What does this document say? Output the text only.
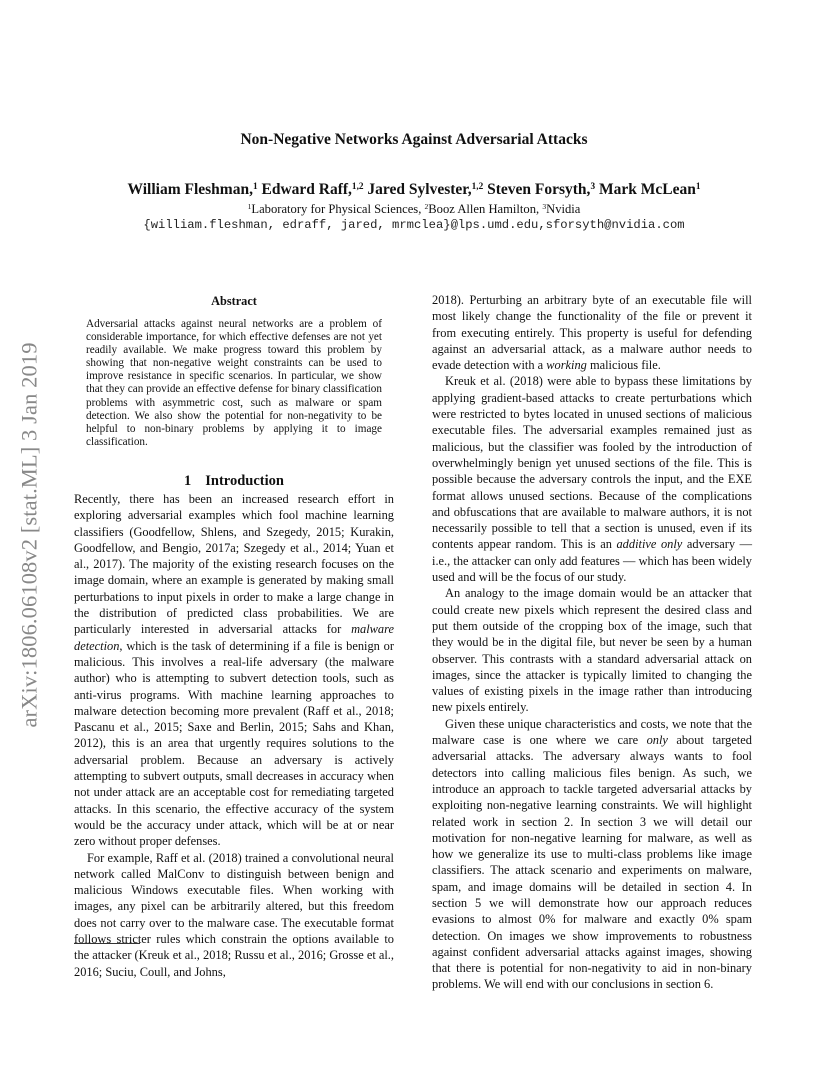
arXiv:1806.06108v2 [stat.ML] 3 Jan 2019
Non-Negative Networks Against Adversarial Attacks
William Fleshman,$^1$ Edward Raff,$^{1,2}$ Jared Sylvester,$^{1,2}$ Steven Forsyth,$^3$ Mark McLean$^1$
$^1$Laboratory for Physical Sciences, $^2$Booz Allen Hamilton, $^3$Nvidia
{william.fleshman, edraff, jared, mrmclea}@lps.umd.edu,sforsyth@nvidia.com
Abstract
Adversarial attacks against neural networks are a problem of considerable importance, for which effective defenses are not yet readily available. We make progress toward this problem by showing that non-negative weight constraints can be used to improve resistance in specific scenarios. In particular, we show that they can provide an effective defense for binary classification problems with asymmetric cost, such as malware or spam detection. We also show the potential for non-negativity to be helpful to non-binary problems by applying it to image classification.
1 Introduction

Recently, there has been an increased research effort in exploring adversarial examples which fool machine learning classifiers (Goodfellow, Shlens, and Szegedy, 2015; Kurakin, Goodfellow, and Bengio, 2017a; Szegedy et al., 2014; Yuan et al., 2017). The majority of the existing research focuses on the image domain, where an example is generated by making small perturbations to input pixels in order to make a large change in the distribution of predicted class probabilities. We are particularly interested in adversarial attacks for malware detection, which is the task of determining if a file is benign or malicious. This involves a real-life adversary (the malware author) who is attempting to subvert detection tools, such as anti-virus programs. With machine learning approaches to malware detection becoming more prevalent (Raff et al., 2018; Pascanu et al., 2015; Saxe and Berlin, 2015; Sahs and Khan, 2012), this is an area that urgently requires solutions to the adversarial problem. Because an adversary is actively attempting to subvert outputs, small decreases in accuracy when not under attack are an acceptable cost for remediating targeted attacks. In this scenario, the effective accuracy of the system would be the accuracy under attack, which will be at or near zero without proper defenses.

For example, Raff et al. (2018) trained a convolutional neural network called MalConv to distinguish between benign and malicious Windows executable files. When working with images, any pixel can be arbitrarily altered, but this freedom does not carry over to the malware case. The executable format follows stricter rules which constrain the options available to the attacker (Kreuk et al., 2018; Russu et al., 2016; Grosse et al., 2016; Suciu, Coull, and Johns,

2018). Perturbing an arbitrary byte of an executable file will most likely change the functionality of the file or prevent it from executing entirely. This property is useful for defending against an adversarial attack, as a malware author needs to evade detection with a working malicious file.

Kreuk et al. (2018) were able to bypass these limitations by applying gradient-based attacks to create perturbations which were restricted to bytes located in unused sections of malicious executable files. The adversarial examples remained just as malicious, but the classifier was fooled by the introduction of overwhelmingly benign yet unused sections of the file. This is possible because the adversary controls the input, and the EXE format allows unused sections. Because of the complications and obfuscations that are available to malware authors, it is not necessarily possible to tell that a section is unused, even if its contents appear random. This is an additive only adversary — i.e., the attacker can only add features — which has been widely used and will be the focus of our study.

An analogy to the image domain would be an attacker that could create new pixels which represent the desired class and put them outside of the cropping box of the image, such that they would be in the digital file, but never be seen by a human observer. This contrasts with a standard adversarial attack on images, since the attacker is typically limited to changing the values of existing pixels in the image rather than introducing new pixels entirely.

Given these unique characteristics and costs, we note that the malware case is one where we care only about targeted adversarial attacks. The adversary always wants to fool detectors into calling malicious files benign. As such, we introduce an approach to tackle targeted adversarial attacks by exploiting non-negative learning constraints. We will highlight related work in section 2. In section 3 we will detail our motivation for non-negative learning for malware, as well as how we generalize its use to multi-class problems like image classifiers. The attack scenario and experiments on malware, spam, and image domains will be detailed in section 4. In section 5 we will demonstrate how our approach reduces evasions to almost 0% for malware and exactly 0% spam detection. On images we show improvements to robustness against confident adversarial attacks against images, showing that there is potential for non-negativity to aid in non-binary problems. We will end with our conclusions in section 6.
